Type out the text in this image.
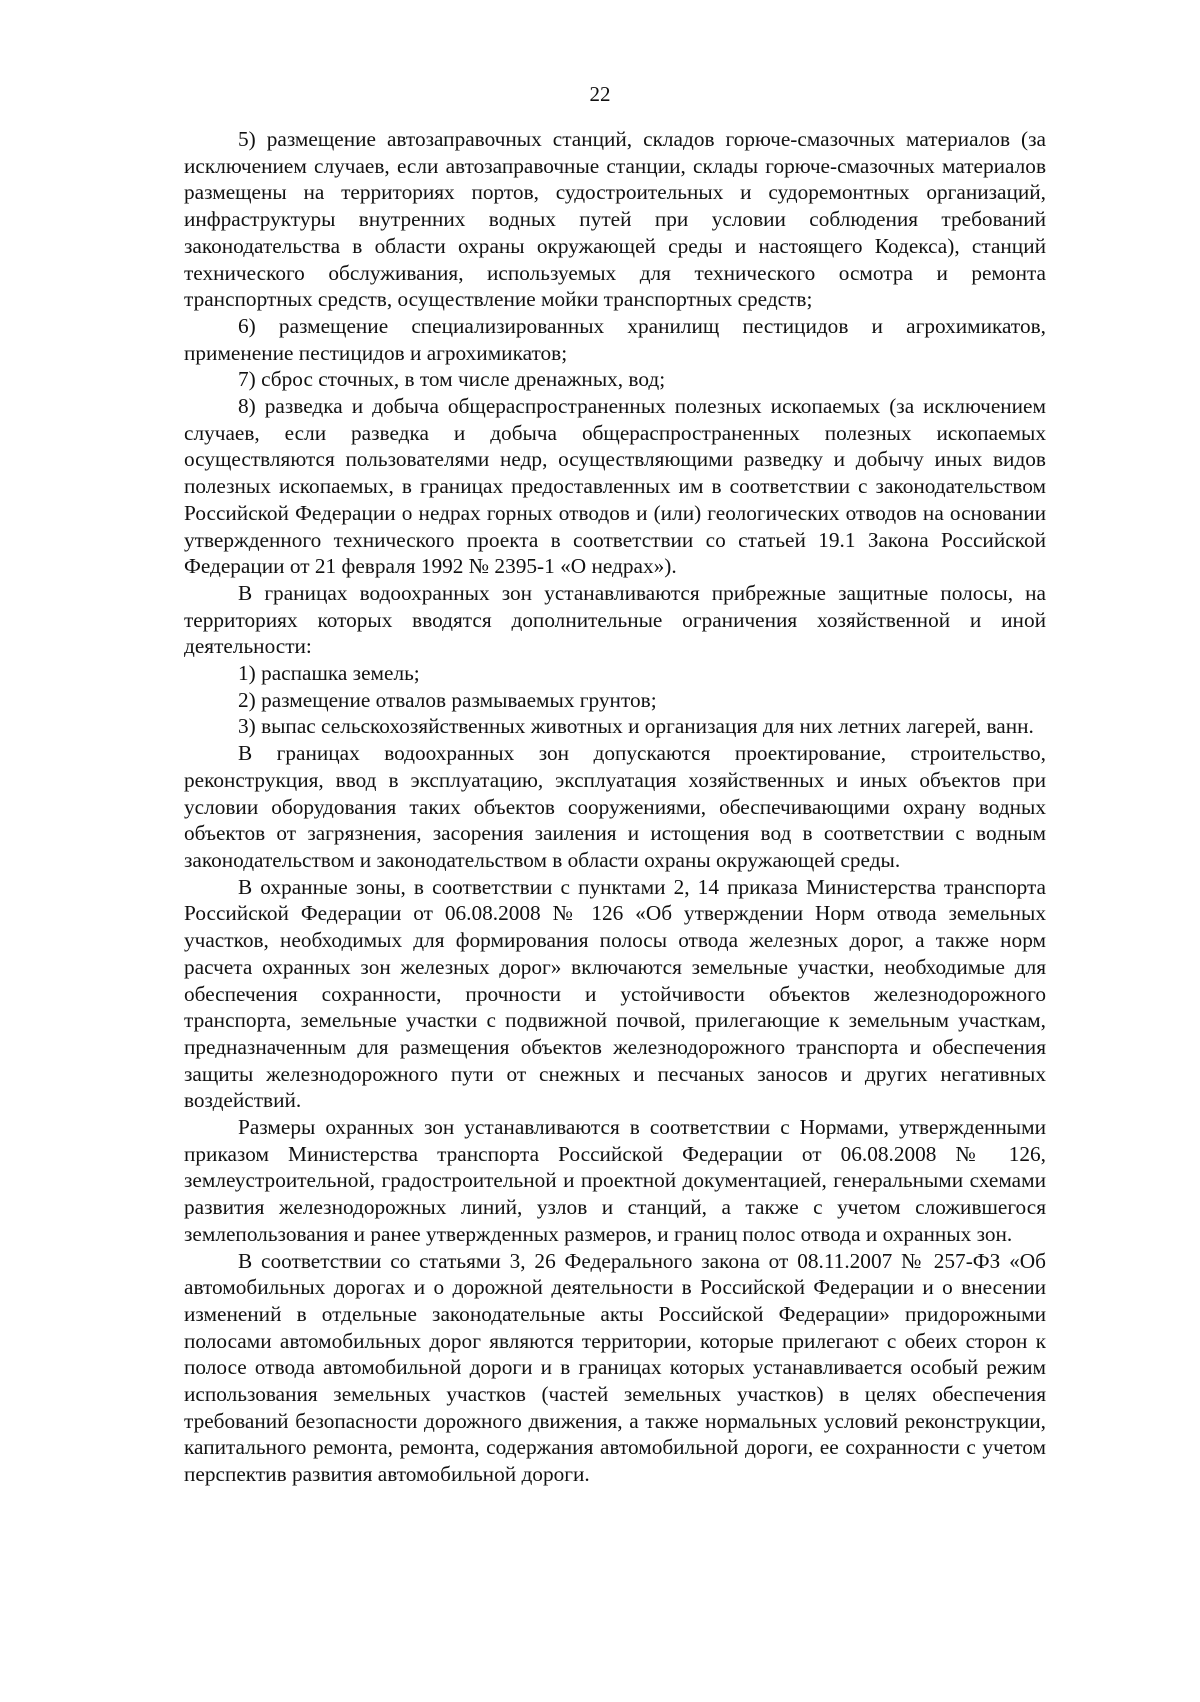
22

5) размещение автозаправочных станций, складов горюче-смазочных материалов (за исключением случаев, если автозаправочные станции, склады горюче-смазочных материалов размещены на территориях портов, судостроительных и судоремонтных организаций, инфраструктуры внутренних водных путей при условии соблюдения требований законодательства в области охраны окружающей среды и настоящего Кодекса), станций технического обслуживания, используемых для технического осмотра и ремонта транспортных средств, осуществление мойки транспортных средств;

6) размещение специализированных хранилищ пестицидов и агрохимикатов, применение пестицидов и агрохимикатов;

7) сброс сточных, в том числе дренажных, вод;

8) разведка и добыча общераспространенных полезных ископаемых (за исключением случаев, если разведка и добыча общераспространенных полезных ископаемых осуществляются пользователями недр, осуществляющими разведку и добычу иных видов полезных ископаемых, в границах предоставленных им в соответствии с законодательством Российской Федерации о недрах горных отводов и (или) геологических отводов на основании утвержденного технического проекта в соответствии со статьей 19.1 Закона Российской Федерации от 21 февраля 1992 № 2395-1 «О недрах»).

В границах водоохранных зон устанавливаются прибрежные защитные полосы, на территориях которых вводятся дополнительные ограничения хозяйственной и иной деятельности:

1) распашка земель;

2) размещение отвалов размываемых грунтов;

3) выпас сельскохозяйственных животных и организация для них летних лагерей, ванн.

В границах водоохранных зон допускаются проектирование, строительство, реконструкция, ввод в эксплуатацию, эксплуатация хозяйственных и иных объектов при условии оборудования таких объектов сооружениями, обеспечивающими охрану водных объектов от загрязнения, засорения заиления и истощения вод в соответствии с водным законодательством и законодательством в области охраны окружающей среды.

В охранные зоны, в соответствии с пунктами 2, 14 приказа Министерства транспорта Российской Федерации от 06.08.2008 № 126 «Об утверждении Норм отвода земельных участков, необходимых для формирования полосы отвода железных дорог, а также норм расчета охранных зон железных дорог» включаются земельные участки, необходимые для обеспечения сохранности, прочности и устойчивости объектов железнодорожного транспорта, земельные участки с подвижной почвой, прилегающие к земельным участкам, предназначенным для размещения объектов железнодорожного транспорта и обеспечения защиты железнодорожного пути от снежных и песчаных заносов и других негативных воздействий.

Размеры охранных зон устанавливаются в соответствии с Нормами, утвержденными приказом Министерства транспорта Российской Федерации от 06.08.2008 № 126, землеустроительной, градостроительной и проектной документацией, генеральными схемами развития железнодорожных линий, узлов и станций, а также с учетом сложившегося землепользования и ранее утвержденных размеров, и границ полос отвода и охранных зон.

В соответствии со статьями 3, 26 Федерального закона от 08.11.2007 № 257-ФЗ «Об автомобильных дорогах и о дорожной деятельности в Российской Федерации и о внесении изменений в отдельные законодательные акты Российской Федерации» придорожными полосами автомобильных дорог являются территории, которые прилегают с обеих сторон к полосе отвода автомобильной дороги и в границах которых устанавливается особый режим использования земельных участков (частей земельных участков) в целях обеспечения требований безопасности дорожного движения, а также нормальных условий реконструкции, капитального ремонта, ремонта, содержания автомобильной дороги, ее сохранности с учетом перспектив развития автомобильной дороги.
